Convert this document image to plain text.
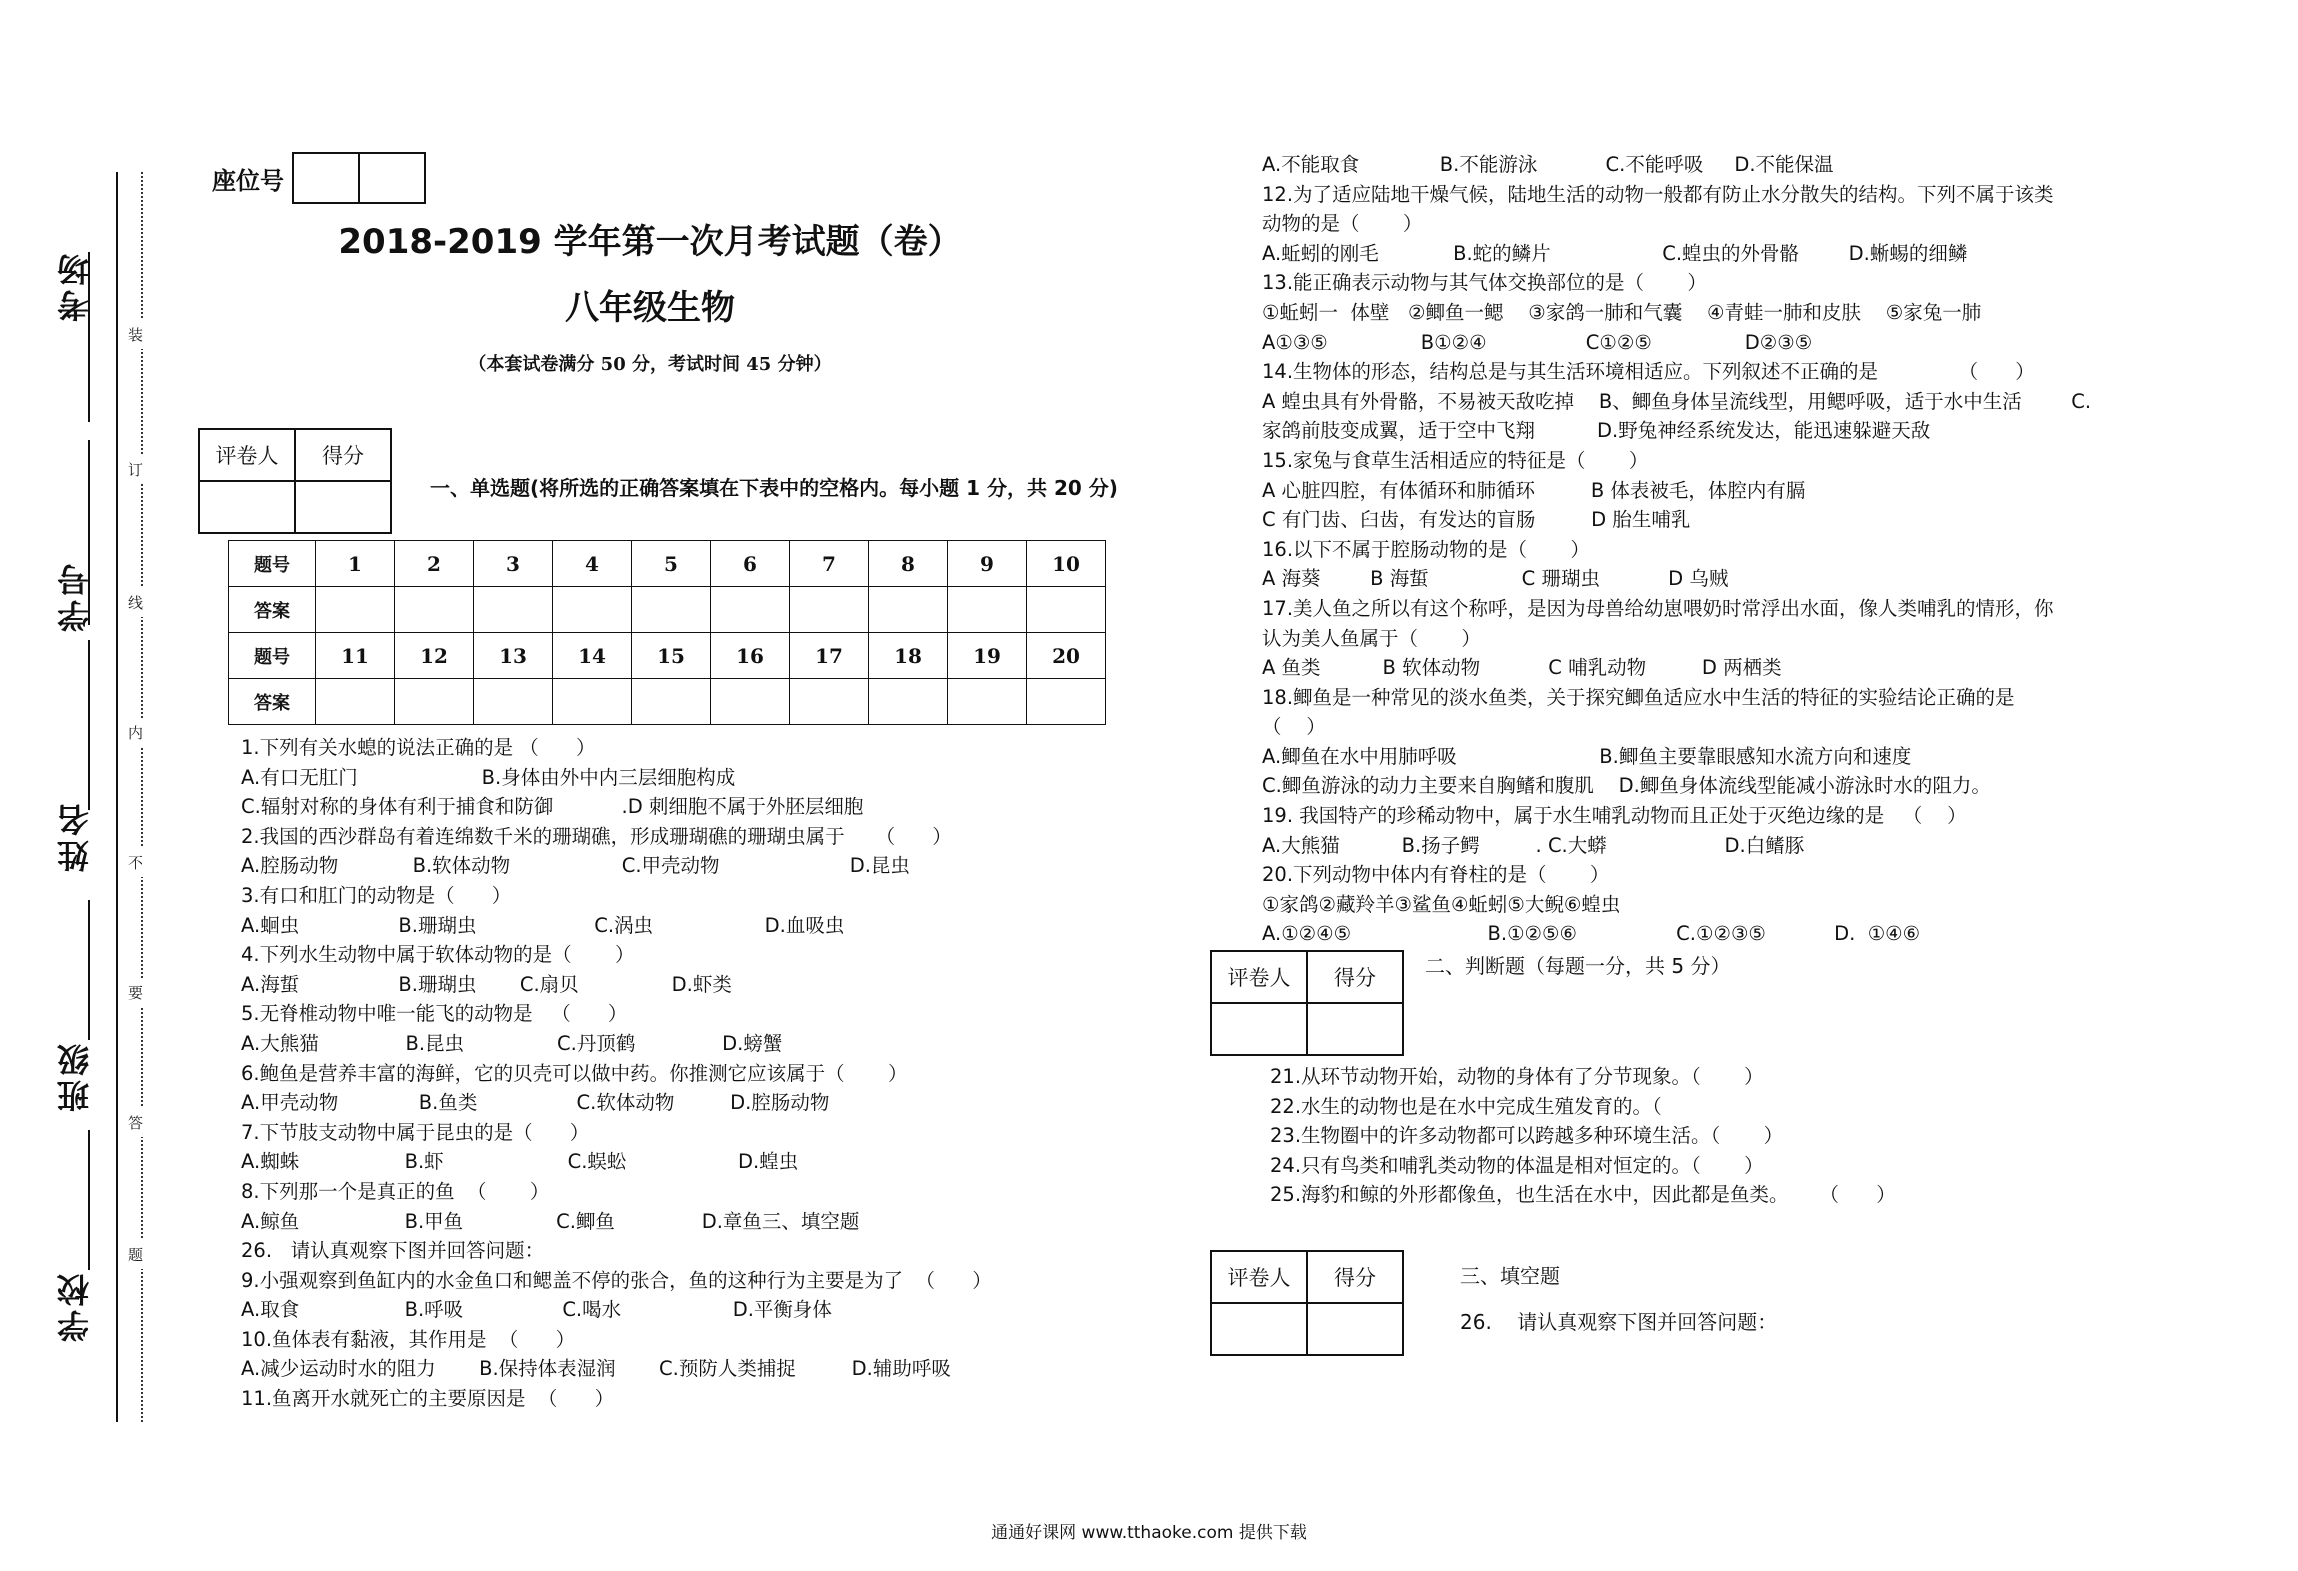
考场
学号
姓名
班级
学校
装
订
线
内
不
要
答
题
座位号
2018-2019 学年第一次月考试题（卷）
八年级生物
（本套试卷满分 50 分，考试时间 45 分钟）
评卷人	得分

一、单选题(将所选的正确答案填在下表中的空格内。每小题 1 分，共 20 分)
题号	1	2	3	4	5	6	7	8	9	10
答案										
题号	11	12	13	14	15	16	17	18	19	20
答案										
1.下列有关水螅的说法正确的是 （      ）
A.有口无肛门                    B.身体由外中内三层细胞构成
C.辐射对称的身体有利于捕食和防御           .D 刺细胞不属于外胚层细胞
2.我国的西沙群岛有着连绵数千米的珊瑚礁，形成珊瑚礁的珊瑚虫属于     （      ）
A.腔肠动物            B.软体动物                  C.甲壳动物                     D.昆虫
3.有口和肛门的动物是（      ）
A.蛔虫                B.珊瑚虫                   C.涡虫                  D.血吸虫
4.下列水生动物中属于软体动物的是（       ）
A.海蜇                B.珊瑚虫       C.扇贝               D.虾类
5.无脊椎动物中唯一能飞的动物是   （      ）
A.大熊猫              B.昆虫               C.丹顶鹤              D.螃蟹
6.鲍鱼是营养丰富的海鲜，它的贝壳可以做中药。你推测它应该属于（       ）
A.甲壳动物             B.鱼类                C.软体动物         D.腔肠动物
7.下节肢支动物中属于昆虫的是（      ）
A.蜘蛛                 B.虾                    C.蜈蚣                  D.蝗虫
8.下列那一个是真正的鱼  （       ）
A.鲸鱼                 B.甲鱼               C.鲫鱼              D.章鱼三、填空题
26.   请认真观察下图并回答问题：
9.小强观察到鱼缸内的水金鱼口和鳃盖不停的张合，鱼的这种行为主要是为了  （      ）
A.取食                 B.呼吸                C.喝水                  D.平衡身体
10.鱼体表有黏液，其作用是  （      ）
A.减少运动时水的阻力       B.保持体表湿润       C.预防人类捕捉         D.辅助呼吸
11.鱼离开水就死亡的主要原因是  （      ）
A.不能取食             B.不能游泳           C.不能呼吸     D.不能保温
12.为了适应陆地干燥气候，陆地生活的动物一般都有防止水分散失的结构。下列不属于该类
动物的是（       ）
A.蚯蚓的刚毛            B.蛇的鳞片                  C.蝗虫的外骨骼        D.蜥蜴的细鳞
13.能正确表示动物与其气体交换部位的是（       ）
①蚯蚓一  体壁   ②鲫鱼一鳃    ③家鸽一肺和气囊    ④青蛙一肺和皮肤    ⑤家兔一肺
A①③⑤               B①②④                C①②⑤               D②③⑤
14.生物体的形态，结构总是与其生活环境相适应。下列叙述不正确的是             （      ）
A 蝗虫具有外骨骼，不易被天敌吃掉    B、鲫鱼身体呈流线型，用鳃呼吸，适于水中生活        C.
家鸽前肢变成翼，适于空中飞翔          D.野兔神经系统发达，能迅速躲避天敌
15.家兔与食草生活相适应的特征是（       ）
A 心脏四腔，有体循环和肺循环         B 体表被毛，体腔内有膈
C 有门齿、臼齿，有发达的盲肠         D 胎生哺乳
16.以下不属于腔肠动物的是（       ）
A 海葵        B 海蜇               C 珊瑚虫           D 乌贼
17.美人鱼之所以有这个称呼，是因为母兽给幼崽喂奶时常浮出水面，像人类哺乳的情形，你
认为美人鱼属于（       ）
A 鱼类          B 软体动物           C 哺乳动物         D 两栖类
18.鲫鱼是一种常见的淡水鱼类，关于探究鲫鱼适应水中生活的特征的实验结论正确的是
（    ）
A.鲫鱼在水中用肺呼吸                       B.鲫鱼主要靠眼感知水流方向和速度
C.鲫鱼游泳的动力主要来自胸鳍和腹肌    D.鲫鱼身体流线型能减小游泳时水的阻力。
19. 我国特产的珍稀动物中，属于水生哺乳动物而且正处于灭绝边缘的是   （    ）
A.大熊猫          B.扬子鳄         . C.大蟒                   D.白鳍豚
20.下列动物中体内有脊柱的是（       ）
①家鸽②藏羚羊③鲨鱼④蚯蚓⑤大鲵⑥蝗虫
A.①②④⑤                      B.①②⑤⑥                C.①②③⑤           D.  ①④⑥
评卷人	得分
	二、判断题（每题一分，共 5 分）
21.从环节动物开始，动物的身体有了分节现象。（       ）
22.水生的动物也是在水中完成生殖发育的。（
23.生物圈中的许多动物都可以跨越多种环境生活。（       ）
24.只有鸟类和哺乳类动物的体温是相对恒定的。（       ）
25.海豹和鲸的外形都像鱼，也生活在水中，因此都是鱼类。     （      ）
评卷人	得分
		三、填空题
26.    请认真观察下图并回答问题：
通通好课网 www.tthaoke.com 提供下载
